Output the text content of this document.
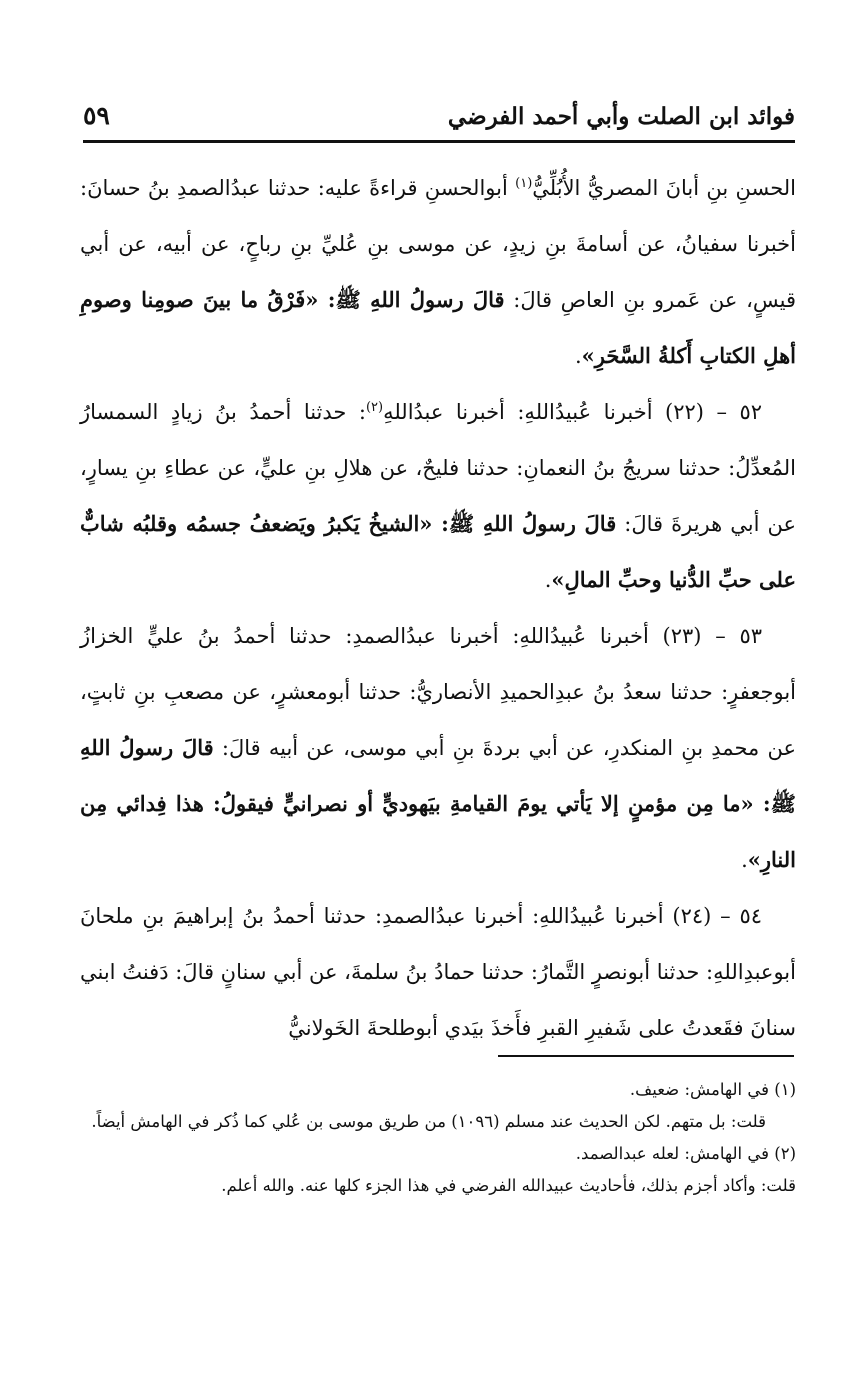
فوائد ابن الصلت وأبي أحمد الفرضي
٥٩

الحسنِ بنِ أبانَ المصريُّ الأُبُلِّيُّ$^{(١)}$ أبوالحسنِ قراءةً عليه: حدثنا عبدُالصمدِ بنُ حسانَ: أخبرنا سفيانُ، عن أسامةَ بنِ زيدٍ، عن موسى بنِ عُليِّ بنِ رباحٍ، عن أبيه، عن أبي قيسٍ، عن عَمرو بنِ العاصِ قالَ: قالَ رسولُ اللهِ ﷺ: «فَرْقُ ما بينَ صومِنا وصومِ أهلِ الكتابِ أَكلةُ السَّحَرِ».

٥٢ – (٢٢) أخبرنا عُبيدُاللهِ: أخبرنا عبدُاللهِ$^{(٢)}$: حدثنا أحمدُ بنُ زيادٍ السمسارُ المُعدِّلُ: حدثنا سريجُ بنُ النعمانِ: حدثنا فليحٌ، عن هلالِ بنِ عليٍّ، عن عطاءِ بنِ يسارٍ، عن أبي هريرةَ قالَ: قالَ رسولُ اللهِ ﷺ: «الشيخُ يَكبرُ ويَضعفُ جسمُه وقلبُه شابٌّ على حبِّ الدُّنيا وحبِّ المالِ».

٥٣ – (٢٣) أخبرنا عُبيدُاللهِ: أخبرنا عبدُالصمدِ: حدثنا أحمدُ بنُ عليٍّ الخزازُ أبوجعفرٍ: حدثنا سعدُ بنُ عبدِالحميدِ الأنصاريُّ: حدثنا أبومعشرٍ، عن مصعبِ بنِ ثابتٍ، عن محمدِ بنِ المنكدرِ، عن أبي بردةَ بنِ أبي موسى، عن أبيه قالَ: قالَ رسولُ اللهِ ﷺ: «ما مِن مؤمنٍ إلا يَأتي يومَ القيامةِ بيَهوديٍّ أو نصرانيٍّ فيقولُ: هذا فِدائي مِن النارِ».

٥٤ – (٢٤) أخبرنا عُبيدُاللهِ: أخبرنا عبدُالصمدِ: حدثنا أحمدُ بنُ إبراهيمَ بنِ ملحانَ أبوعبدِاللهِ: حدثنا أبونصرٍ التَّمارُ: حدثنا حمادُ بنُ سلمةَ، عن أبي سنانٍ قالَ: دَفنتُ ابني سنانَ فقَعدتُ على شَفيرِ القبرِ فأَخذَ بيَدي أبوطلحةَ الخَولانيُّ

(١) في الهامش: ضعيف.

قلت: بل متهم. لكن الحديث عند مسلم (١٠٩٦) من طريق موسى بن عُلي كما ذُكر في الهامش أيضاً.

(٢) في الهامش: لعله عبدالصمد.

قلت: وأكاد أجزم بذلك، فأحاديث عبيدالله الفرضي في هذا الجزء كلها عنه. والله أعلم.
